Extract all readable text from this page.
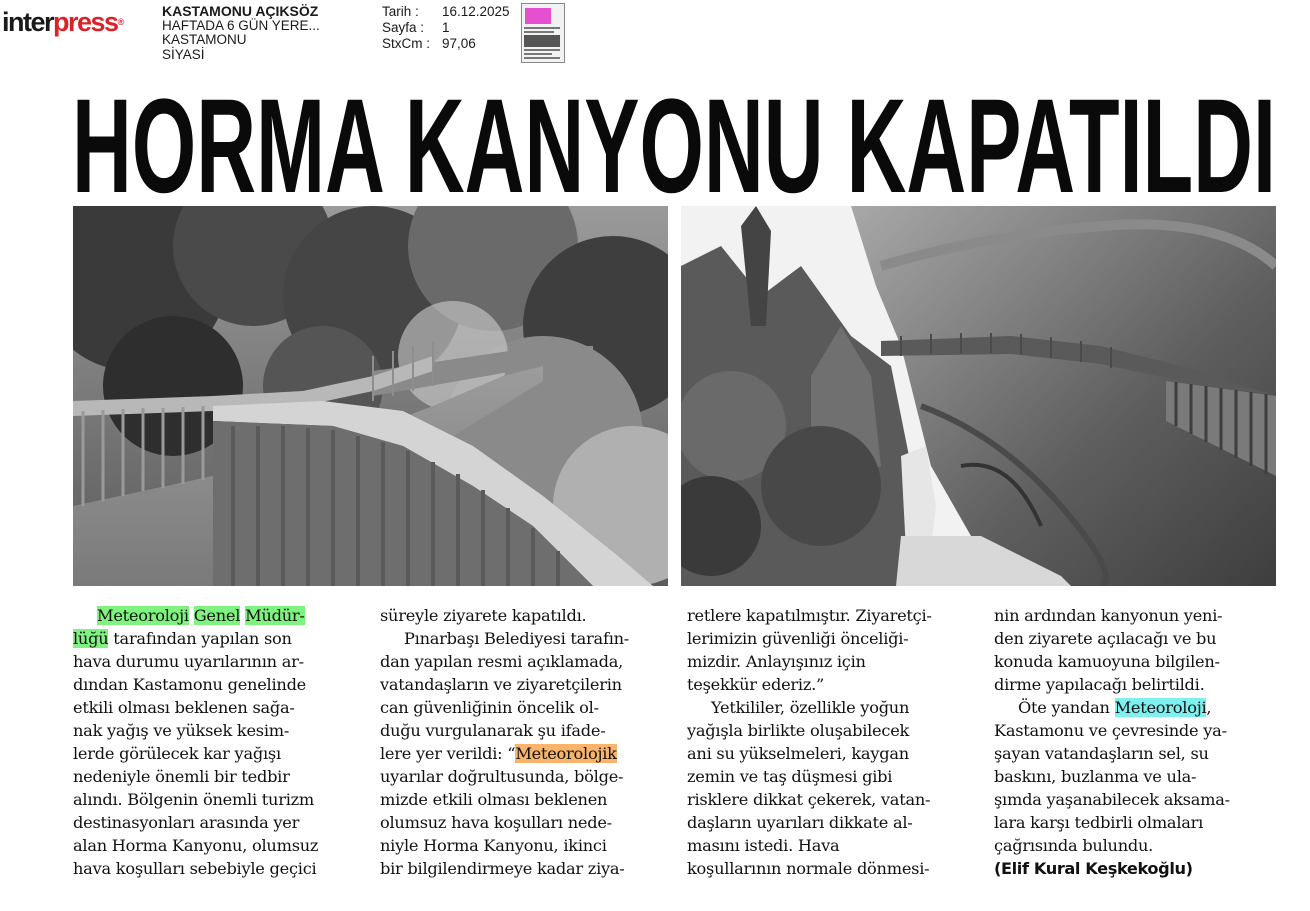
interpress®
KASTAMONU AÇIKSÖZ
HAFTADA 6 GÜN YERE...
KASTAMONU
SİYASİ
Tarih : 16.12.2025
Sayfa : 1
StxCm : 97,06
HORMA KANYONU KAPATILDI
Meteoroloji Genel Müdür-
lüğü tarafından yapılan son
hava durumu uyarılarının ar-
dından Kastamonu genelinde
etkili olması beklenen sağa-
nak yağış ve yüksek kesim-
lerde görülecek kar yağışı
nedeniyle önemli bir tedbir
alındı. Bölgenin önemli turizm
destinasyonları arasında yer
alan Horma Kanyonu, olumsuz
hava koşulları sebebiyle geçici
süreyle ziyarete kapatıldı.
Pınarbaşı Belediyesi tarafın-
dan yapılan resmi açıklamada,
vatandaşların ve ziyaretçilerin
can güvenliğinin öncelik ol-
duğu vurgulanarak şu ifade-
lere yer verildi: “Meteorolojik
uyarılar doğrultusunda, bölge-
mizde etkili olması beklenen
olumsuz hava koşulları nede-
niyle Horma Kanyonu, ikinci
bir bilgilendirmeye kadar ziya-
retlere kapatılmıştır. Ziyaretçi-
lerimizin güvenliği önceliği-
mizdir. Anlayışınız için
teşekkür ederiz.”
Yetkililer, özellikle yoğun
yağışla birlikte oluşabilecek
ani su yükselmeleri, kaygan
zemin ve taş düşmesi gibi
risklere dikkat çekerek, vatan-
daşların uyarıları dikkate al-
masını istedi. Hava
koşullarının normale dönmesi-
nin ardından kanyonun yeni-
den ziyarete açılacağı ve bu
konuda kamuoyuna bilgilen-
dirme yapılacağı belirtildi.
Öte yandan Meteoroloji,
Kastamonu ve çevresinde ya-
şayan vatandaşların sel, su
baskını, buzlanma ve ula-
şımda yaşanabilecek aksama-
lara karşı tedbirli olmaları
çağrısında bulundu.
(Elif Kural Keşkekoğlu)
